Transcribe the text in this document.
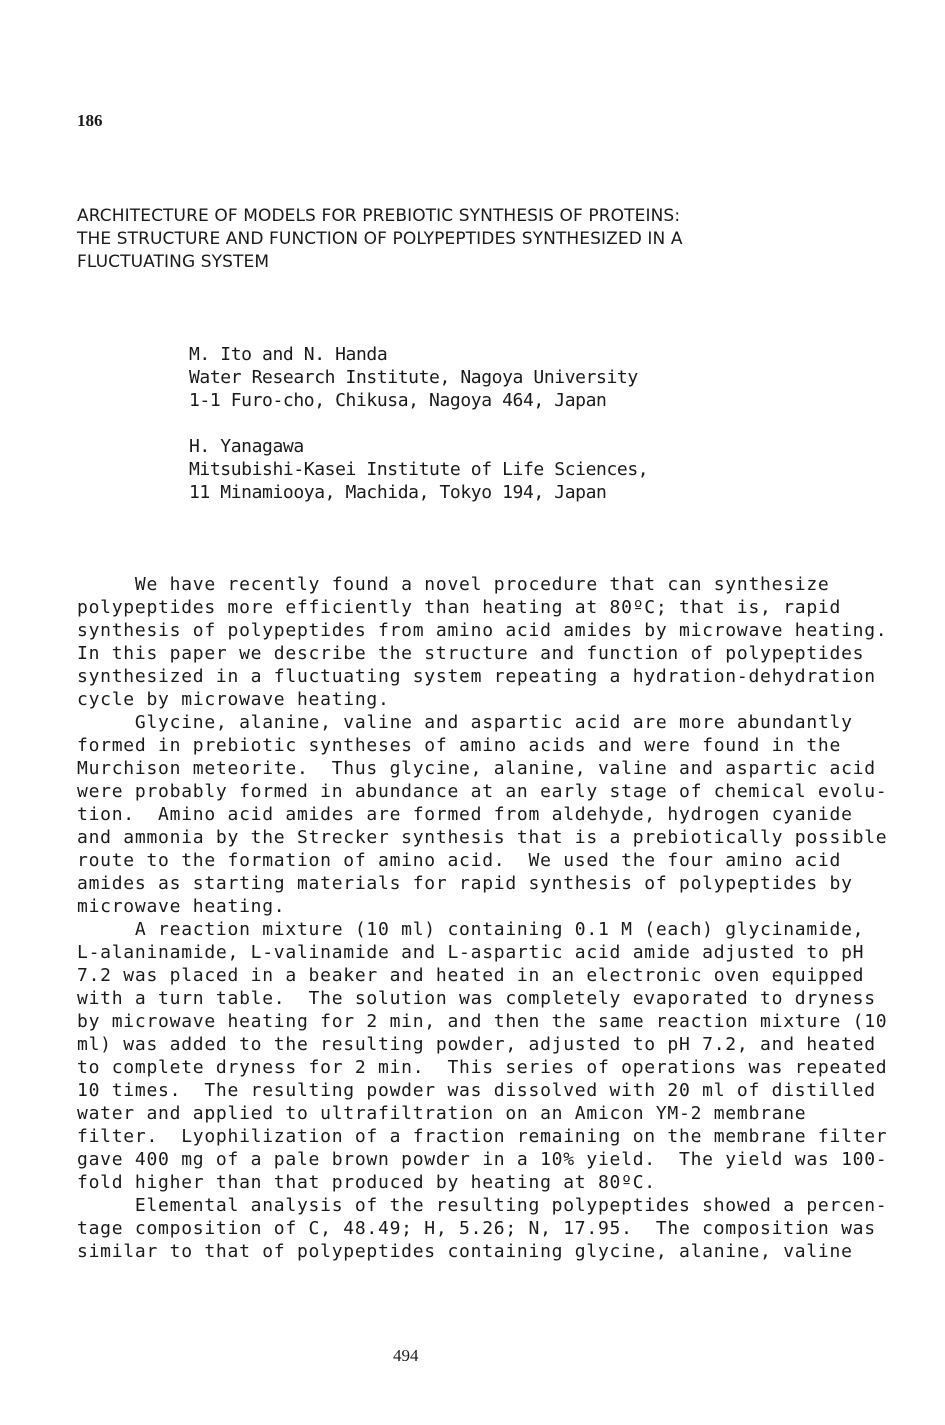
186
ARCHITECTURE OF MODELS FOR PREBIOTIC SYNTHESIS OF PROTEINS:
THE STRUCTURE AND FUNCTION OF POLYPEPTIDES SYNTHESIZED IN A
FLUCTUATING SYSTEM
M. Ito and N. Handa
Water Research Institute, Nagoya University
1-1 Furo-cho, Chikusa, Nagoya 464, Japan
H. Yanagawa
Mitsubishi-Kasei Institute of Life Sciences,
11 Minamiooya, Machida, Tokyo 194, Japan
We have recently found a novel procedure that can synthesize
polypeptides more efficiently than heating at 80ºC; that is, rapid
synthesis of polypeptides from amino acid amides by microwave heating.
In this paper we describe the structure and function of polypeptides
synthesized in a fluctuating system repeating a hydration-dehydration
cycle by microwave heating.
Glycine, alanine, valine and aspartic acid are more abundantly
formed in prebiotic syntheses of amino acids and were found in the
Murchison meteorite.  Thus glycine, alanine, valine and aspartic acid
were probably formed in abundance at an early stage of chemical evolu-
tion.  Amino acid amides are formed from aldehyde, hydrogen cyanide
and ammonia by the Strecker synthesis that is a prebiotically possible
route to the formation of amino acid.  We used the four amino acid
amides as starting materials for rapid synthesis of polypeptides by
microwave heating.
A reaction mixture (10 ml) containing 0.1 M (each) glycinamide,
L-alaninamide, L-valinamide and L-aspartic acid amide adjusted to pH
7.2 was placed in a beaker and heated in an electronic oven equipped
with a turn table.  The solution was completely evaporated to dryness
by microwave heating for 2 min, and then the same reaction mixture (10
ml) was added to the resulting powder, adjusted to pH 7.2, and heated
to complete dryness for 2 min.  This series of operations was repeated
10 times.  The resulting powder was dissolved with 20 ml of distilled
water and applied to ultrafiltration on an Amicon YM-2 membrane
filter.  Lyophilization of a fraction remaining on the membrane filter
gave 400 mg of a pale brown powder in a 10% yield.  The yield was 100-
fold higher than that produced by heating at 80ºC.
Elemental analysis of the resulting polypeptides showed a percen-
tage composition of C, 48.49; H, 5.26; N, 17.95.  The composition was
similar to that of polypeptides containing glycine, alanine, valine
494
